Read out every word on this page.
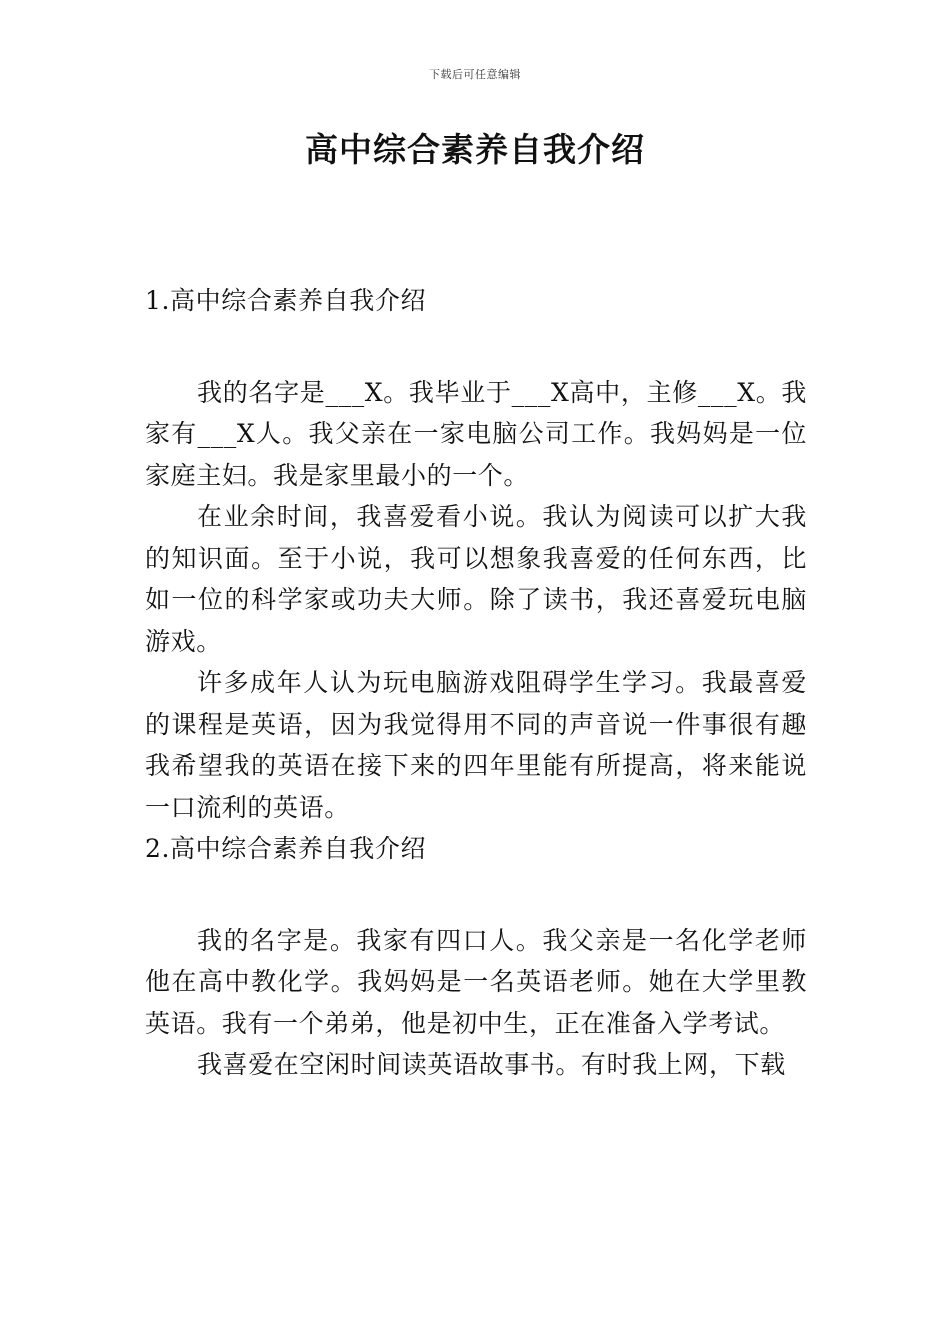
下载后可任意编辑
高中综合素养自我介绍

1.高中综合素养自我介绍

我的名字是___X。我毕业于___X高中，主修___X。我家有___X人。我父亲在一家电脑公司工作。我妈妈是一位家庭主妇。我是家里最小的一个。

在业余时间，我喜爱看小说。我认为阅读可以扩大我的知识面。至于小说，我可以想象我喜爱的任何东西，比如一位的科学家或功夫大师。除了读书，我还喜爱玩电脑游戏。

许多成年人认为玩电脑游戏阻碍学生学习。我最喜爱的课程是英语，因为我觉得用不同的声音说一件事很有趣我希望我的英语在接下来的四年里能有所提高，将来能说一口流利的英语。

2.高中综合素养自我介绍

我的名字是。我家有四口人。我父亲是一名化学老师他在高中教化学。我妈妈是一名英语老师。她在大学里教英语。我有一个弟弟，他是初中生，正在准备入学考试。

我喜爱在空闲时间读英语故事书。有时我上网，下载
